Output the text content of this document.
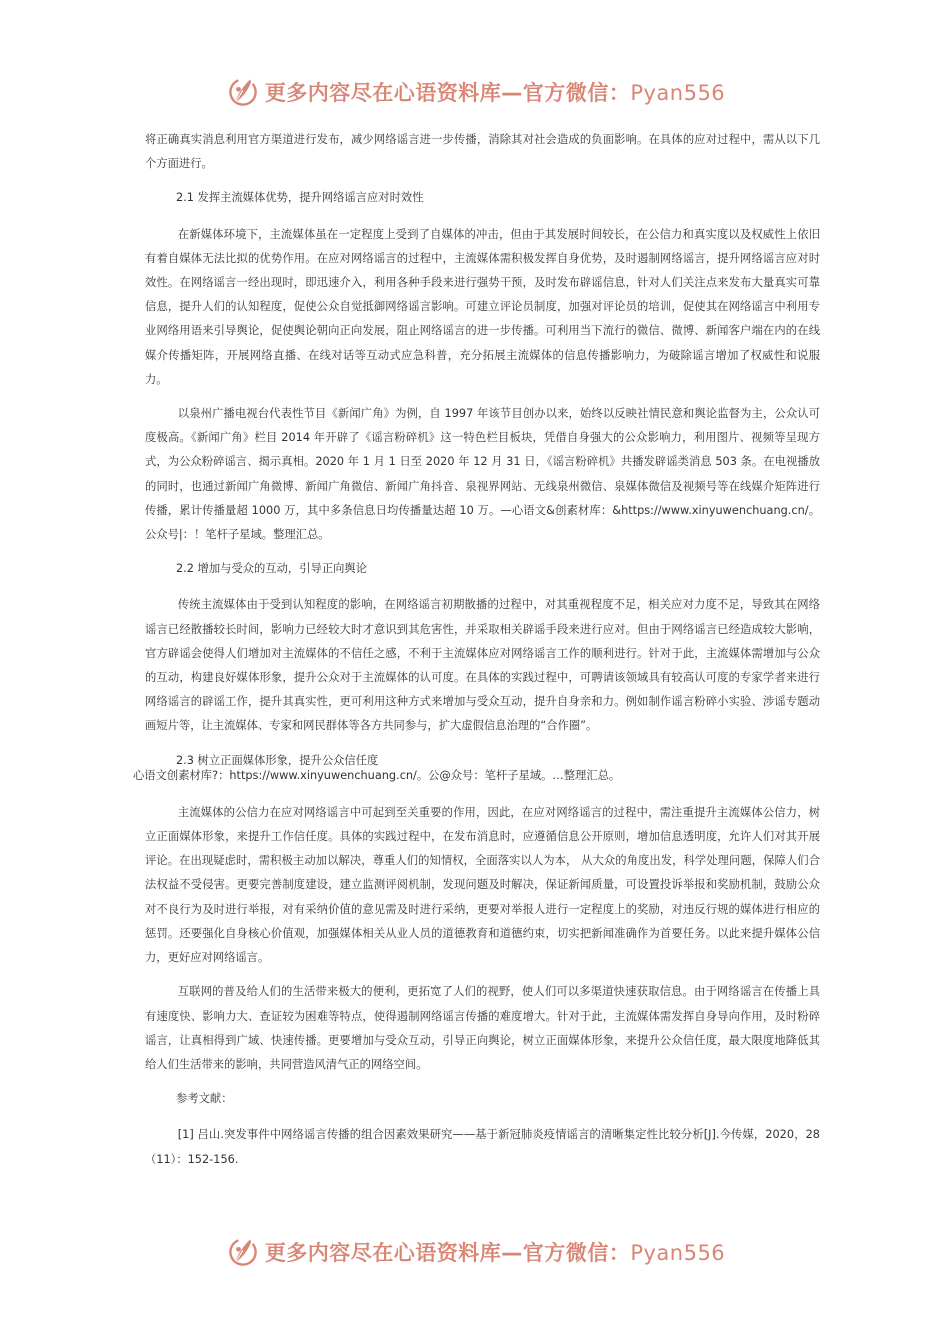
更多内容尽在心语资料库—官方微信：Pyan556

将正确真实消息利用官方渠道进行发布，减少网络谣言进一步传播，消除其对社会造成的负面影响。在具体的应对过程中，需从以下几个方面进行。

2.1 发挥主流媒体优势，提升网络谣言应对时效性

在新媒体环境下，主流媒体虽在一定程度上受到了自媒体的冲击，但由于其发展时间较长，在公信力和真实度以及权威性上依旧有着自媒体无法比拟的优势作用。在应对网络谣言的过程中，主流媒体需积极发挥自身优势，及时遏制网络谣言，提升网络谣言应对时效性。在网络谣言一经出现时，即迅速介入，利用各种手段来进行强势干预，及时发布辟谣信息，针对人们关注点来发布大量真实可靠信息，提升人们的认知程度，促使公众自觉抵御网络谣言影响。可建立评论员制度，加强对评论员的培训，促使其在网络谣言中利用专业网络用语来引导舆论，促使舆论朝向正向发展，阻止网络谣言的进一步传播。可利用当下流行的微信、微博、新闻客户端在内的在线媒介传播矩阵，开展网络直播、在线对话等互动式应急科普，充分拓展主流媒体的信息传播影响力，为破除谣言增加了权威性和说服力。

以泉州广播电视台代表性节目《新闻广角》为例，自 1997 年该节目创办以来，始终以反映社情民意和舆论监督为主，公众认可度极高。《新闻广角》栏目 2014 年开辟了《谣言粉碎机》这一特色栏目板块，凭借自身强大的公众影响力，利用图片、视频等呈现方式，为公众粉碎谣言、揭示真相。2020 年 1 月 1 日至 2020 年 12 月 31 日，《谣言粉碎机》共播发辟谣类消息 503 条。在电视播放的同时，也通过新闻广角微博、新闻广角微信、新闻广角抖音、泉视界网站、无线泉州微信、泉媒体微信及视频号等在线媒介矩阵进行传播，累计传播量超 1000 万，其中多条信息日均传播量达超 10 万。—心语文&创素材库：&https://www.xinyuwenchuang.cn/。公众号|：！笔杆子星域。整理汇总。

2.2 增加与受众的互动，引导正向舆论

传统主流媒体由于受到认知程度的影响，在网络谣言初期散播的过程中，对其重视程度不足，相关应对力度不足，导致其在网络谣言已经散播较长时间，影响力已经较大时才意识到其危害性，并采取相关辟谣手段来进行应对。但由于网络谣言已经造成较大影响，官方辟谣会使得人们增加对主流媒体的不信任之感，不利于主流媒体应对网络谣言工作的顺利进行。针对于此，主流媒体需增加与公众的互动，构建良好媒体形象，提升公众对于主流媒体的认可度。在具体的实践过程中，可聘请该领域具有较高认可度的专家学者来进行网络谣言的辟谣工作，提升其真实性，更可利用这种方式来增加与受众互动，提升自身亲和力。例如制作谣言粉碎小实验、涉谣专题动画短片等，让主流媒体、专家和网民群体等各方共同参与，扩大虚假信息治理的“合作圈”。

2.3 树立正面媒体形象，提升公众信任度

主流媒体的公信力在应对网络谣言中可起到至关重要的作用，因此，在应对网络谣言的过程中，需注重提升主流媒体公信力，树立正面媒体形象，来提升工作信任度。具体的实践过程中，在发布消息时，应遵循信息公开原则，增加信息透明度，允许人们对其开展评论。在出现疑虑时，需积极主动加以解决，尊重人们的知情权，全面落实以人为本， 从大众的角度出发，科学处理问题，保障人们合法权益不受侵害。更要完善制度建设，建立监测评阅机制，发现问题及时解决，保证新闻质量，可设置投诉举报和奖励机制，鼓励公众对不良行为及时进行举报，对有采纳价值的意见需及时进行采纳，更要对举报人进行一定程度上的奖励，对违反行规的媒体进行相应的惩罚。还要强化自身核心价值观，加强媒体相关从业人员的道德教育和道德约束，切实把新闻准确作为首要任务。以此来提升媒体公信力，更好应对网络谣言。

互联网的普及给人们的生活带来极大的便利，更拓宽了人们的视野，使人们可以多渠道快速获取信息。由于网络谣言在传播上具有速度快、影响力大、查证较为困难等特点，使得遏制网络谣言传播的难度增大。针对于此，主流媒体需发挥自身导向作用，及时粉碎谣言，让真相得到广域、快速传播。更要增加与受众互动，引导正向舆论，树立正面媒体形象，来提升公众信任度，最大限度地降低其给人们生活带来的影响，共同营造风清气正的网络空间。

参考文献：

[1] 吕山.突发事件中网络谣言传播的组合因素效果研究——基于新冠肺炎疫情谣言的清晰集定性比较分析[J].今传媒，2020，28（11）：152-156.

心语文创素材库?：https://www.xinyuwenchuang.cn/。公@众号：笔杆子星域。…整理汇总。
更多内容尽在心语资料库—官方微信：Pyan556
